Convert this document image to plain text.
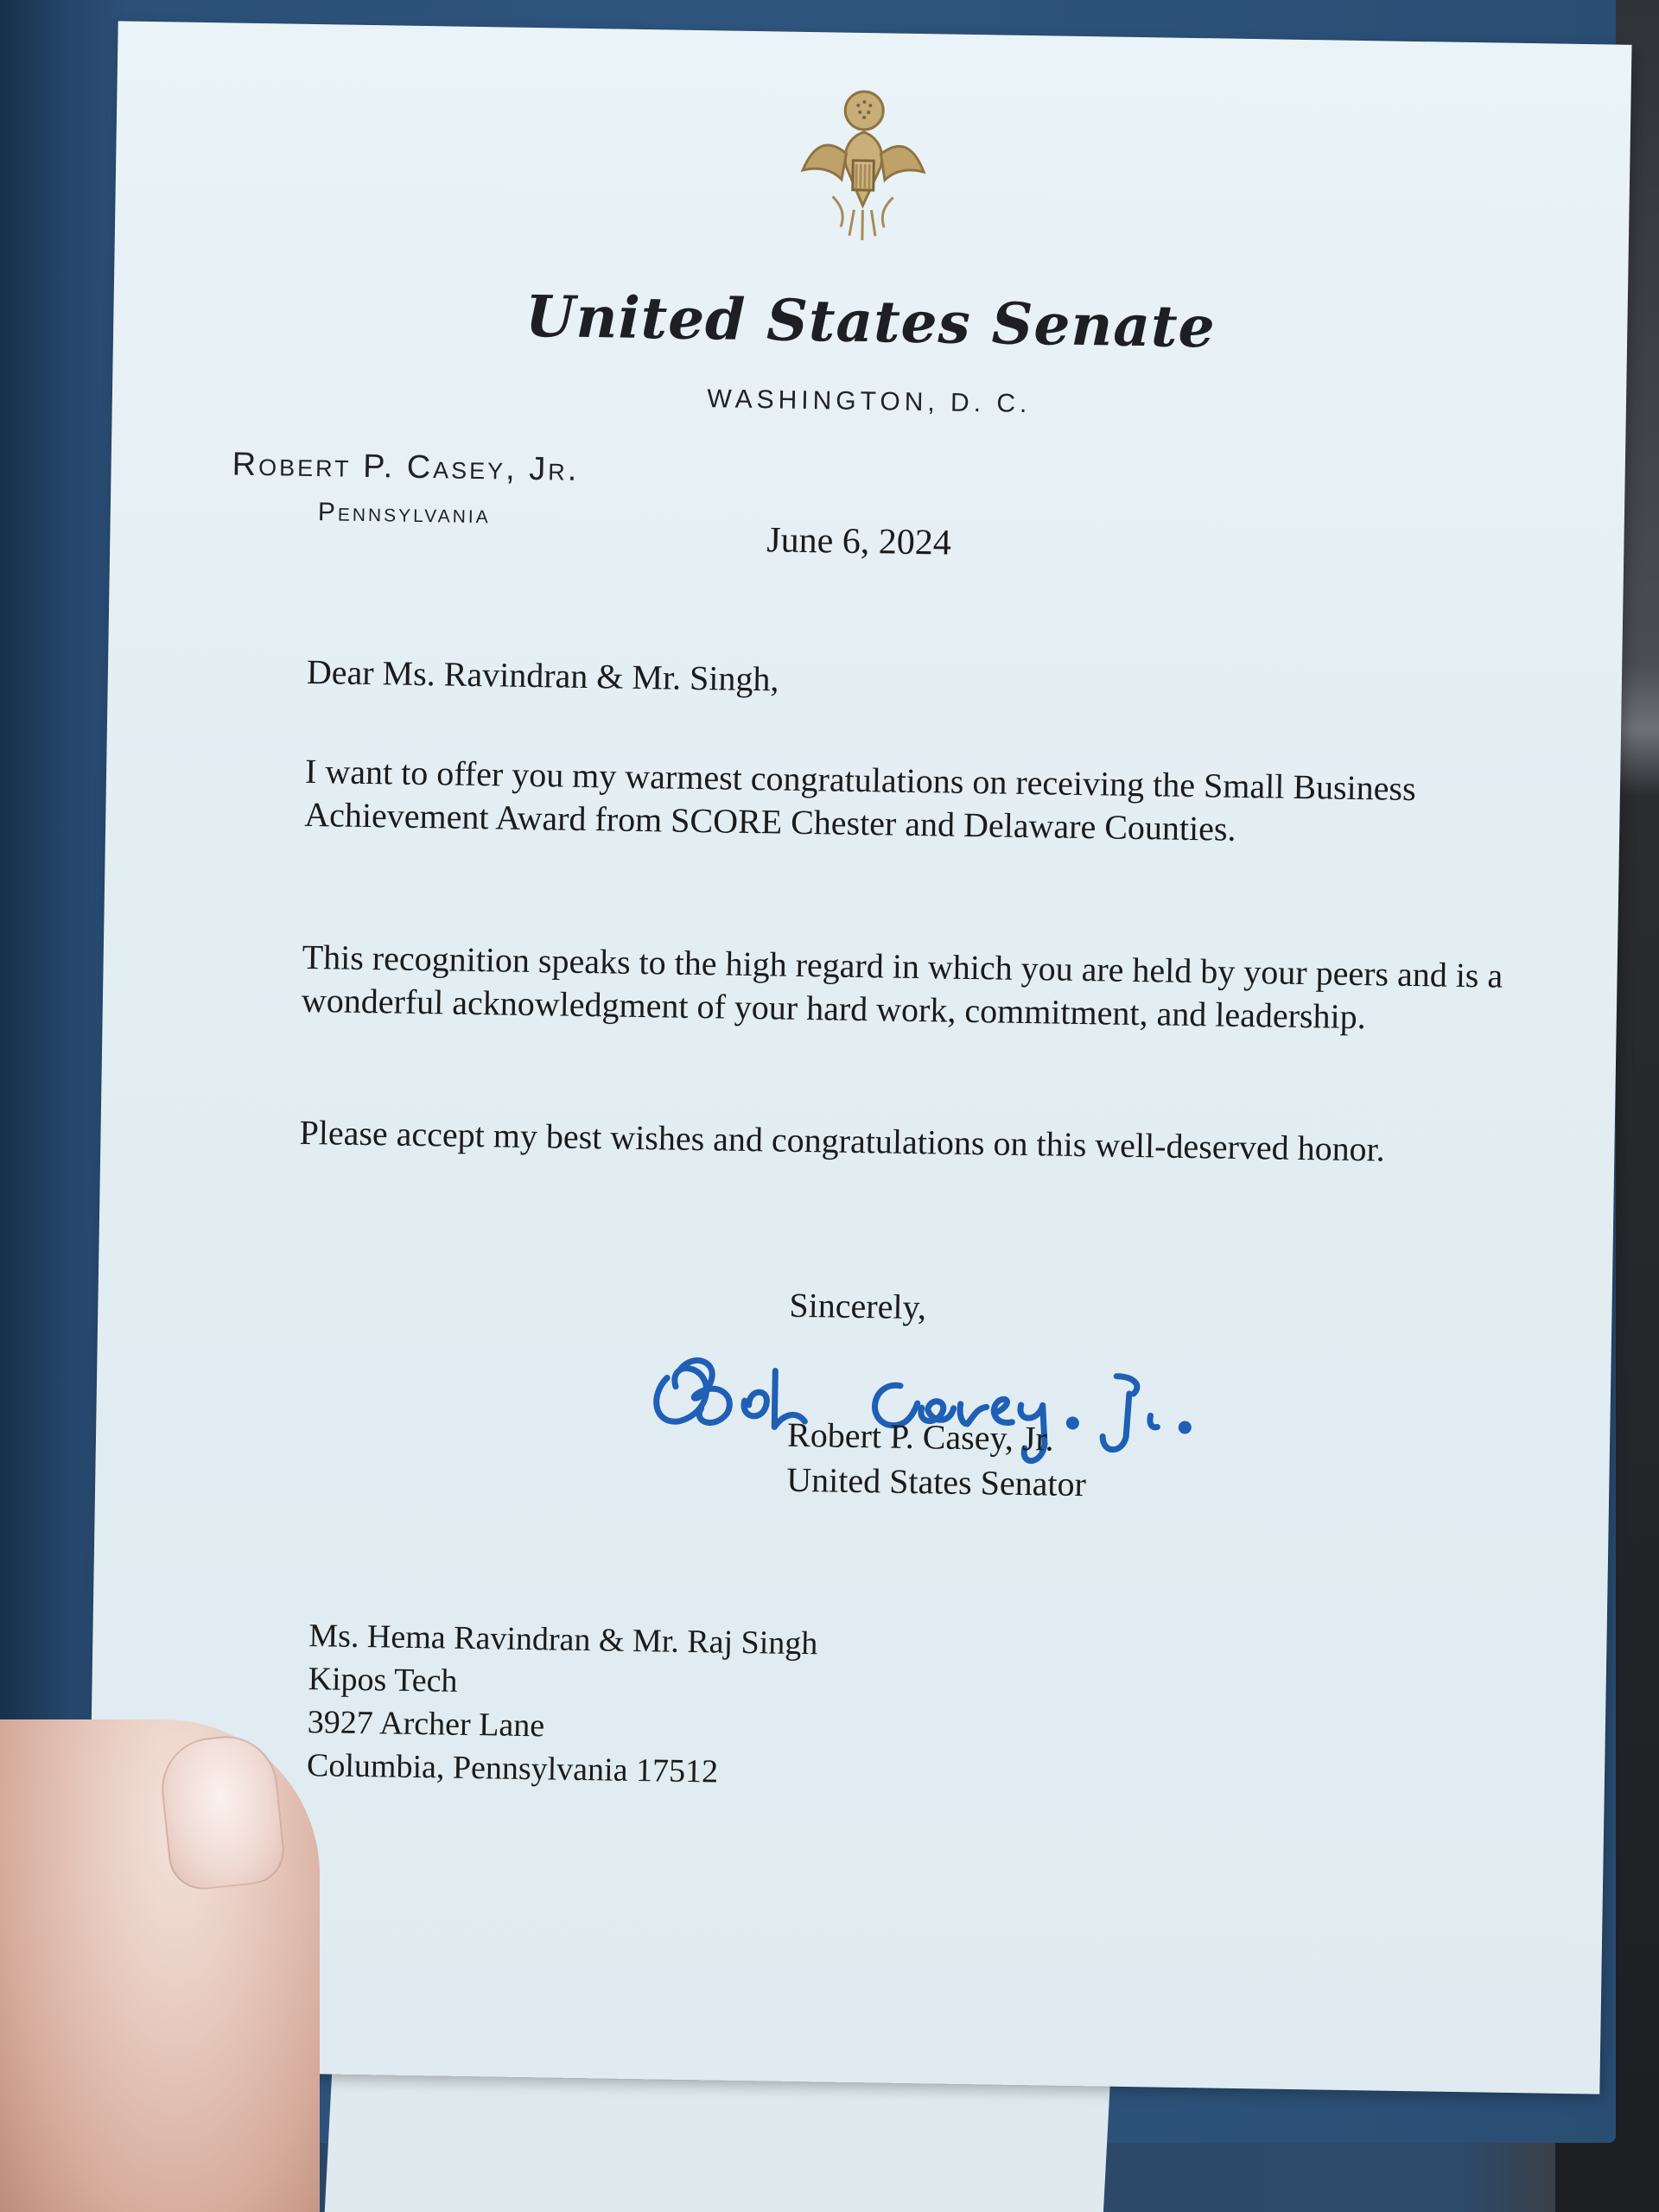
United States Senate
WASHINGTON, D. C.
Robert P. Casey, Jr.
Pennsylvania
June 6, 2024
Dear Ms. Ravindran & Mr. Singh,
I want to offer you my warmest congratulations on receiving the Small Business Achievement Award from SCORE Chester and Delaware Counties.
This recognition speaks to the high regard in which you are held by your peers and is a wonderful acknowledgment of your hard work, commitment, and leadership.
Please accept my best wishes and congratulations on this well-deserved honor.
Sincerely,
Robert P. Casey, Jr.
United States Senator
Ms. Hema Ravindran & Mr. Raj Singh
Kipos Tech
3927 Archer Lane
Columbia, Pennsylvania 17512
